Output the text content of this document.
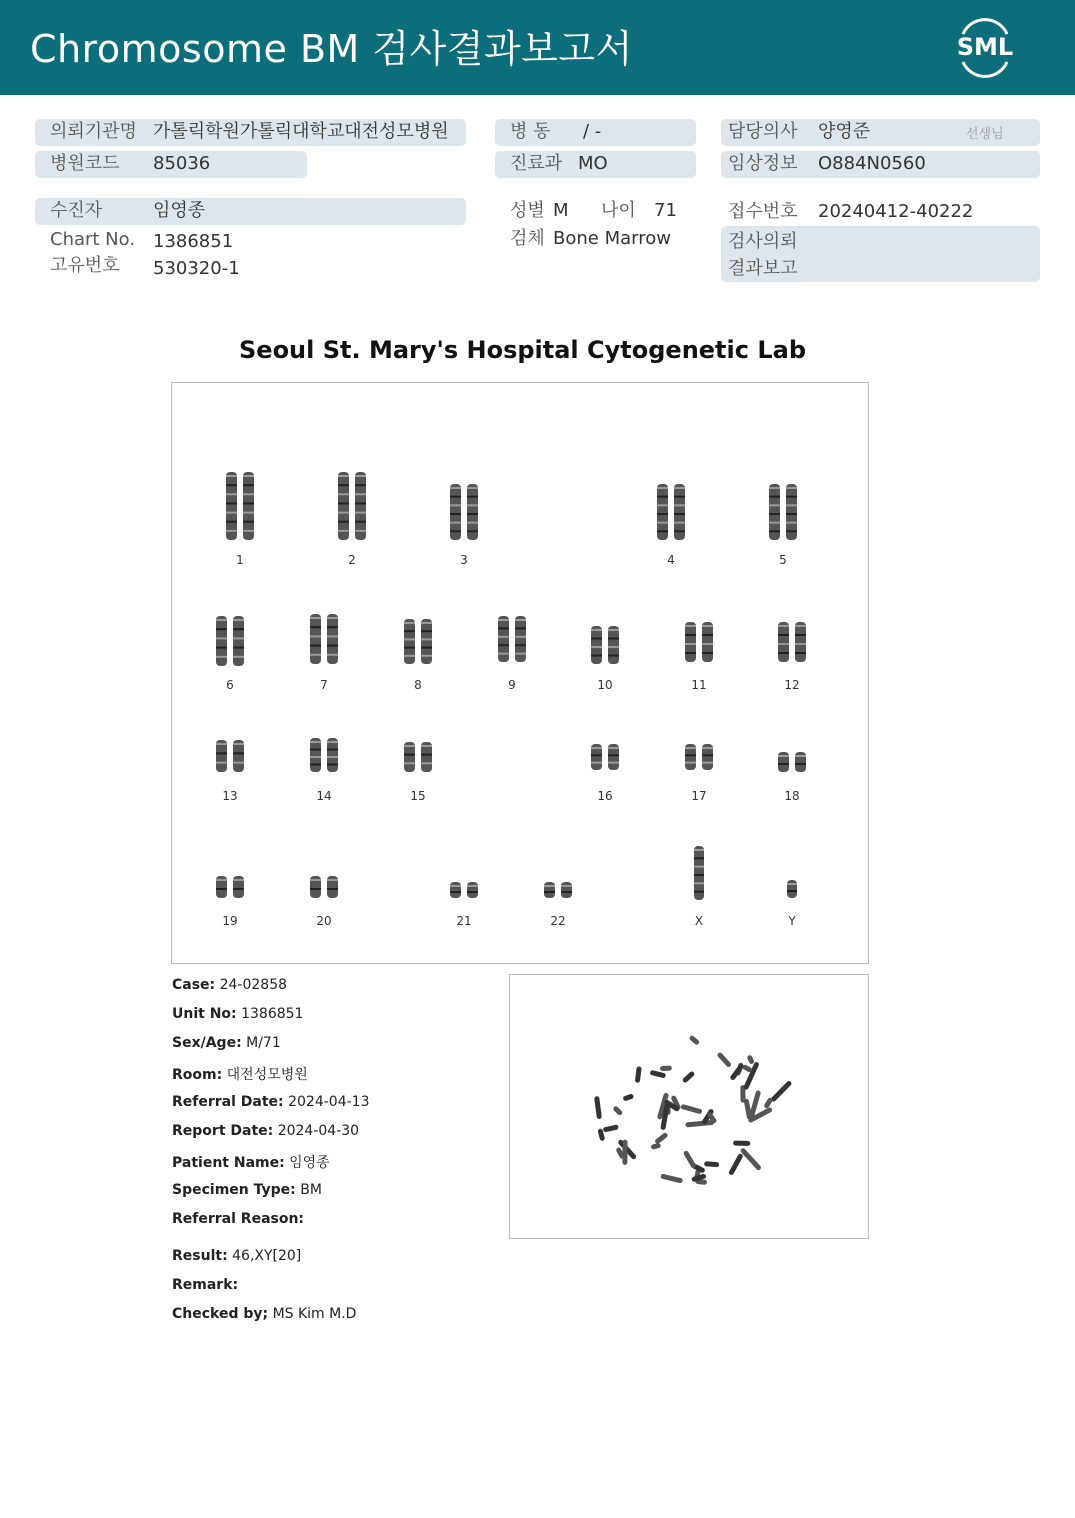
Chromosome BM 검사결과보고서	SML
의뢰기관명 가톨릭학원가톨릭대학교대전성모병원
병원코드 85036
수진자	임영종
Chart No. 1386851
고유번호 530320-1
병 동 / -
진료과 MO
성별 M 나이 71
검체 Bone Marrow
담당의사 양영준	선생님
임상정보 O884N0560
접수번호 20240412-40222
검사의뢰
결과보고
Seoul St. Mary's Hospital Cytogenetic Lab
1	2	3	4	5
6	7	8	9	10	11	12
13	14	15	16	17	18
19	20	21	22	X	Y
Case: 24-02858
Unit No: 1386851
Sex/Age: M/71
Room: 대전성모병원
Referral Date: 2024-04-13
Report Date: 2024-04-30
Patient Name: 임영종
Specimen Type: BM
Referral Reason:
Result: 46,XY[20]
Remark:
Checked by; MS Kim M.D
